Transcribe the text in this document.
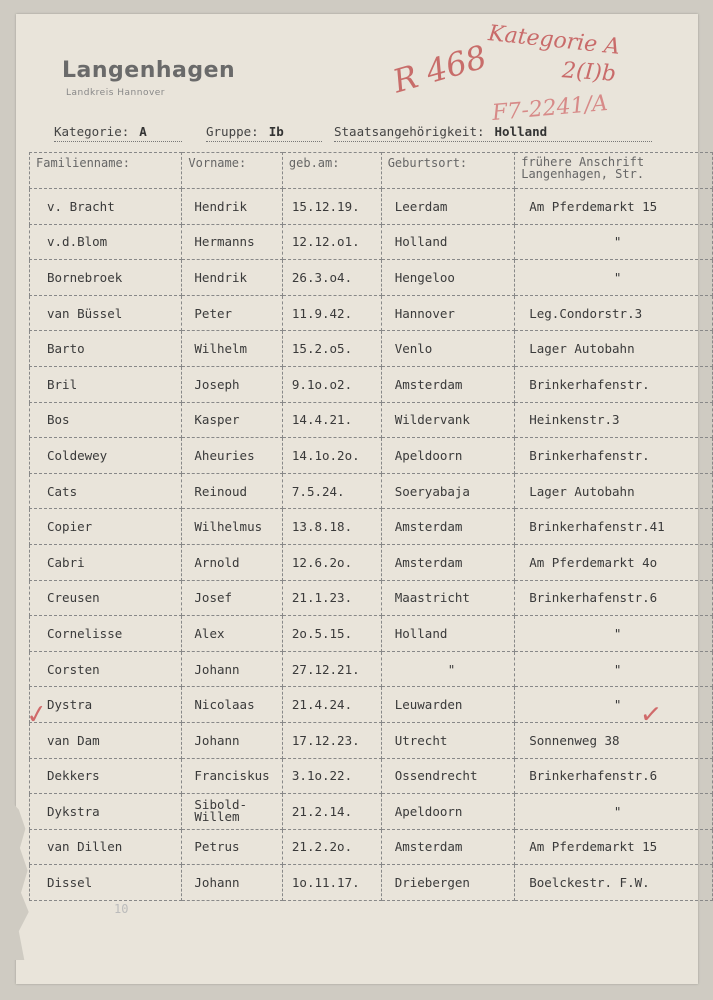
Langenhagen
Landkreis Hannover	R 468
Kategorie A
2(I)b
F7-2241/A
Kategorie: A	Gruppe: Ib	Staatsangehörigkeit: Holland
Familienname:	Vorname:	geb.am:	Geburtsort:	frühere Anschrift Langenhagen, Str.
v. Bracht	Hendrik	15.12.19.	Leerdam	Am Pferdemarkt 15
v.d.Blom	Hermanns	12.12.o1.	Holland	"
Bornebroek	Hendrik	26.3.o4.	Hengeloo	"
van Büssel	Peter	11.9.42.	Hannover	Leg.Condorstr.3
Barto	Wilhelm	15.2.o5.	Venlo	Lager Autobahn
Bril	Joseph	9.1o.o2.	Amsterdam	Brinkerhafenstr.
Bos	Kasper	14.4.21.	Wildervank	Heinkenstr.3
Coldewey	Aheuries	14.1o.2o.	Apeldoorn	Brinkerhafenstr.
Cats	Reinoud	7.5.24.	Soeryabaja	Lager Autobahn
Copier	Wilhelmus	13.8.18.	Amsterdam	Brinkerhafenstr.41
Cabri	Arnold	12.6.2o.	Amsterdam	Am Pferdemarkt 4o
Creusen	Josef	21.1.23.	Maastricht	Brinkerhafenstr.6
Cornelisse	Alex	2o.5.15.	Holland	"
Corsten	Johann	27.12.21.	"	"
Dystra	Nicolaas	21.4.24.	Leuwarden	"
van Dam	Johann	17.12.23.	Utrecht	Sonnenweg 38
Dekkers	Franciskus	3.1o.22.	Ossendrecht	Brinkerhafenstr.6
Dykstra	Sibold-Willem	21.2.14.	Apeldoorn	"
van Dillen	Petrus	21.2.2o.	Amsterdam	Am Pferdemarkt 15
Dissel	Johann	1o.11.17.	Driebergen	Boelckestr. F.W.
✓	✓
10
